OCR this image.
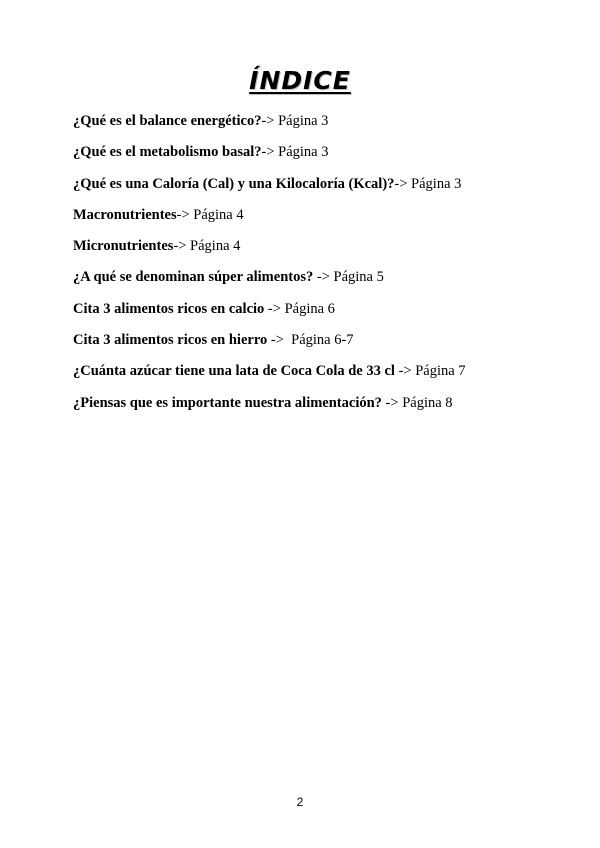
ÍNDICE
¿Qué es el balance energético?-> Página 3
¿Qué es el metabolismo basal?-> Página 3
¿Qué es una Caloría (Cal) y una Kilocaloría (Kcal)?-> Página 3
Macronutrientes-> Página 4
Micronutrientes-> Página 4
¿A qué se denominan súper alimentos? -> Página 5
Cita 3 alimentos ricos en calcio -> Página 6
Cita 3 alimentos ricos en hierro ->  Página 6-7
¿Cuánta azúcar tiene una lata de Coca Cola de 33 cl -> Página 7
¿Piensas que es importante nuestra alimentación? -> Página 8
2
